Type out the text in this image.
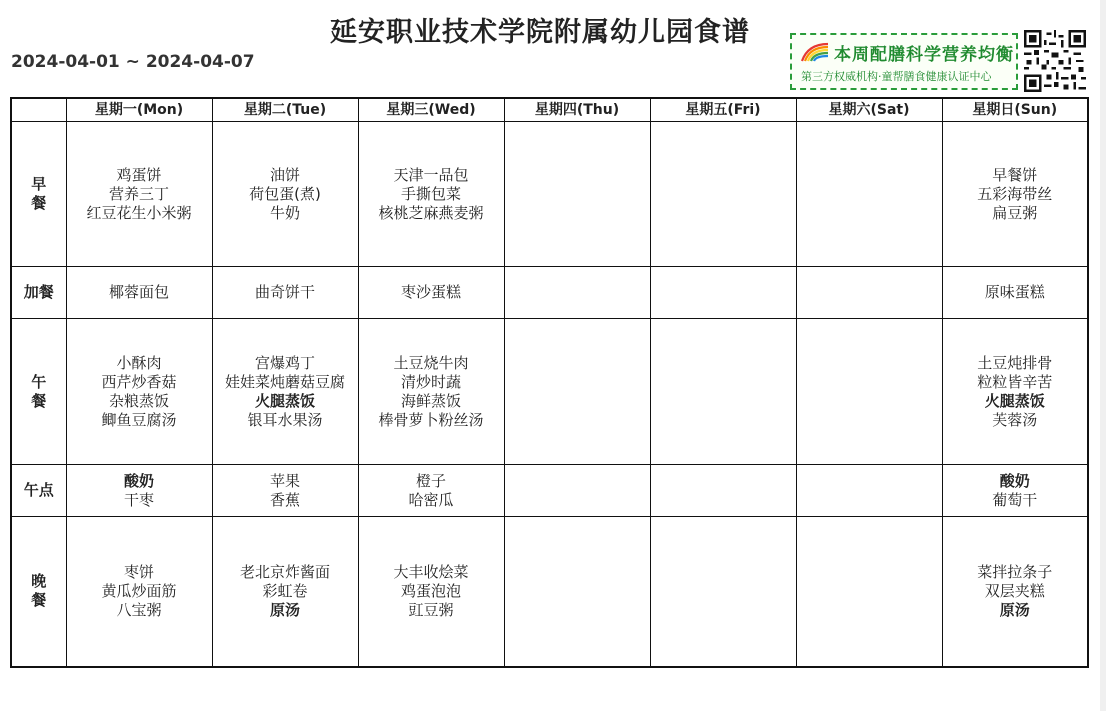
延安职业技术学院附属幼儿园食谱
2024-04-01 ~ 2024-04-07	本周配膳科学营养均衡
第三方权威机构·童帮膳食健康认证中心
	星期一(Mon)	星期二(Tue)	星期三(Wed)	星期四(Thu)	星期五(Fri)	星期六(Sat)	星期日(Sun)

早
餐	鸡蛋饼
营养三丁
红豆花生小米粥	油饼
荷包蛋(煮)
牛奶	天津一品包
手撕包菜
核桃芝麻燕麦粥				早餐饼
五彩海带丝
扁豆粥

加餐	椰蓉面包	曲奇饼干	枣沙蛋糕				原味蛋糕

午
餐	小酥肉
西芹炒香菇
杂粮蒸饭
鲫鱼豆腐汤	宫爆鸡丁
娃娃菜炖蘑菇豆腐
火腿蒸饭
银耳水果汤	土豆烧牛肉
清炒时蔬
海鲜蒸饭
棒骨萝卜粉丝汤				土豆炖排骨
粒粒皆辛苦
火腿蒸饭
芙蓉汤

午点	酸奶
干枣	苹果
香蕉	橙子
哈密瓜				酸奶
葡萄干

晚
餐	枣饼
黄瓜炒面筋
八宝粥	老北京炸酱面
彩虹卷
原汤	大丰收烩菜
鸡蛋泡泡
豇豆粥				菜拌拉条子
双层夹糕
原汤
